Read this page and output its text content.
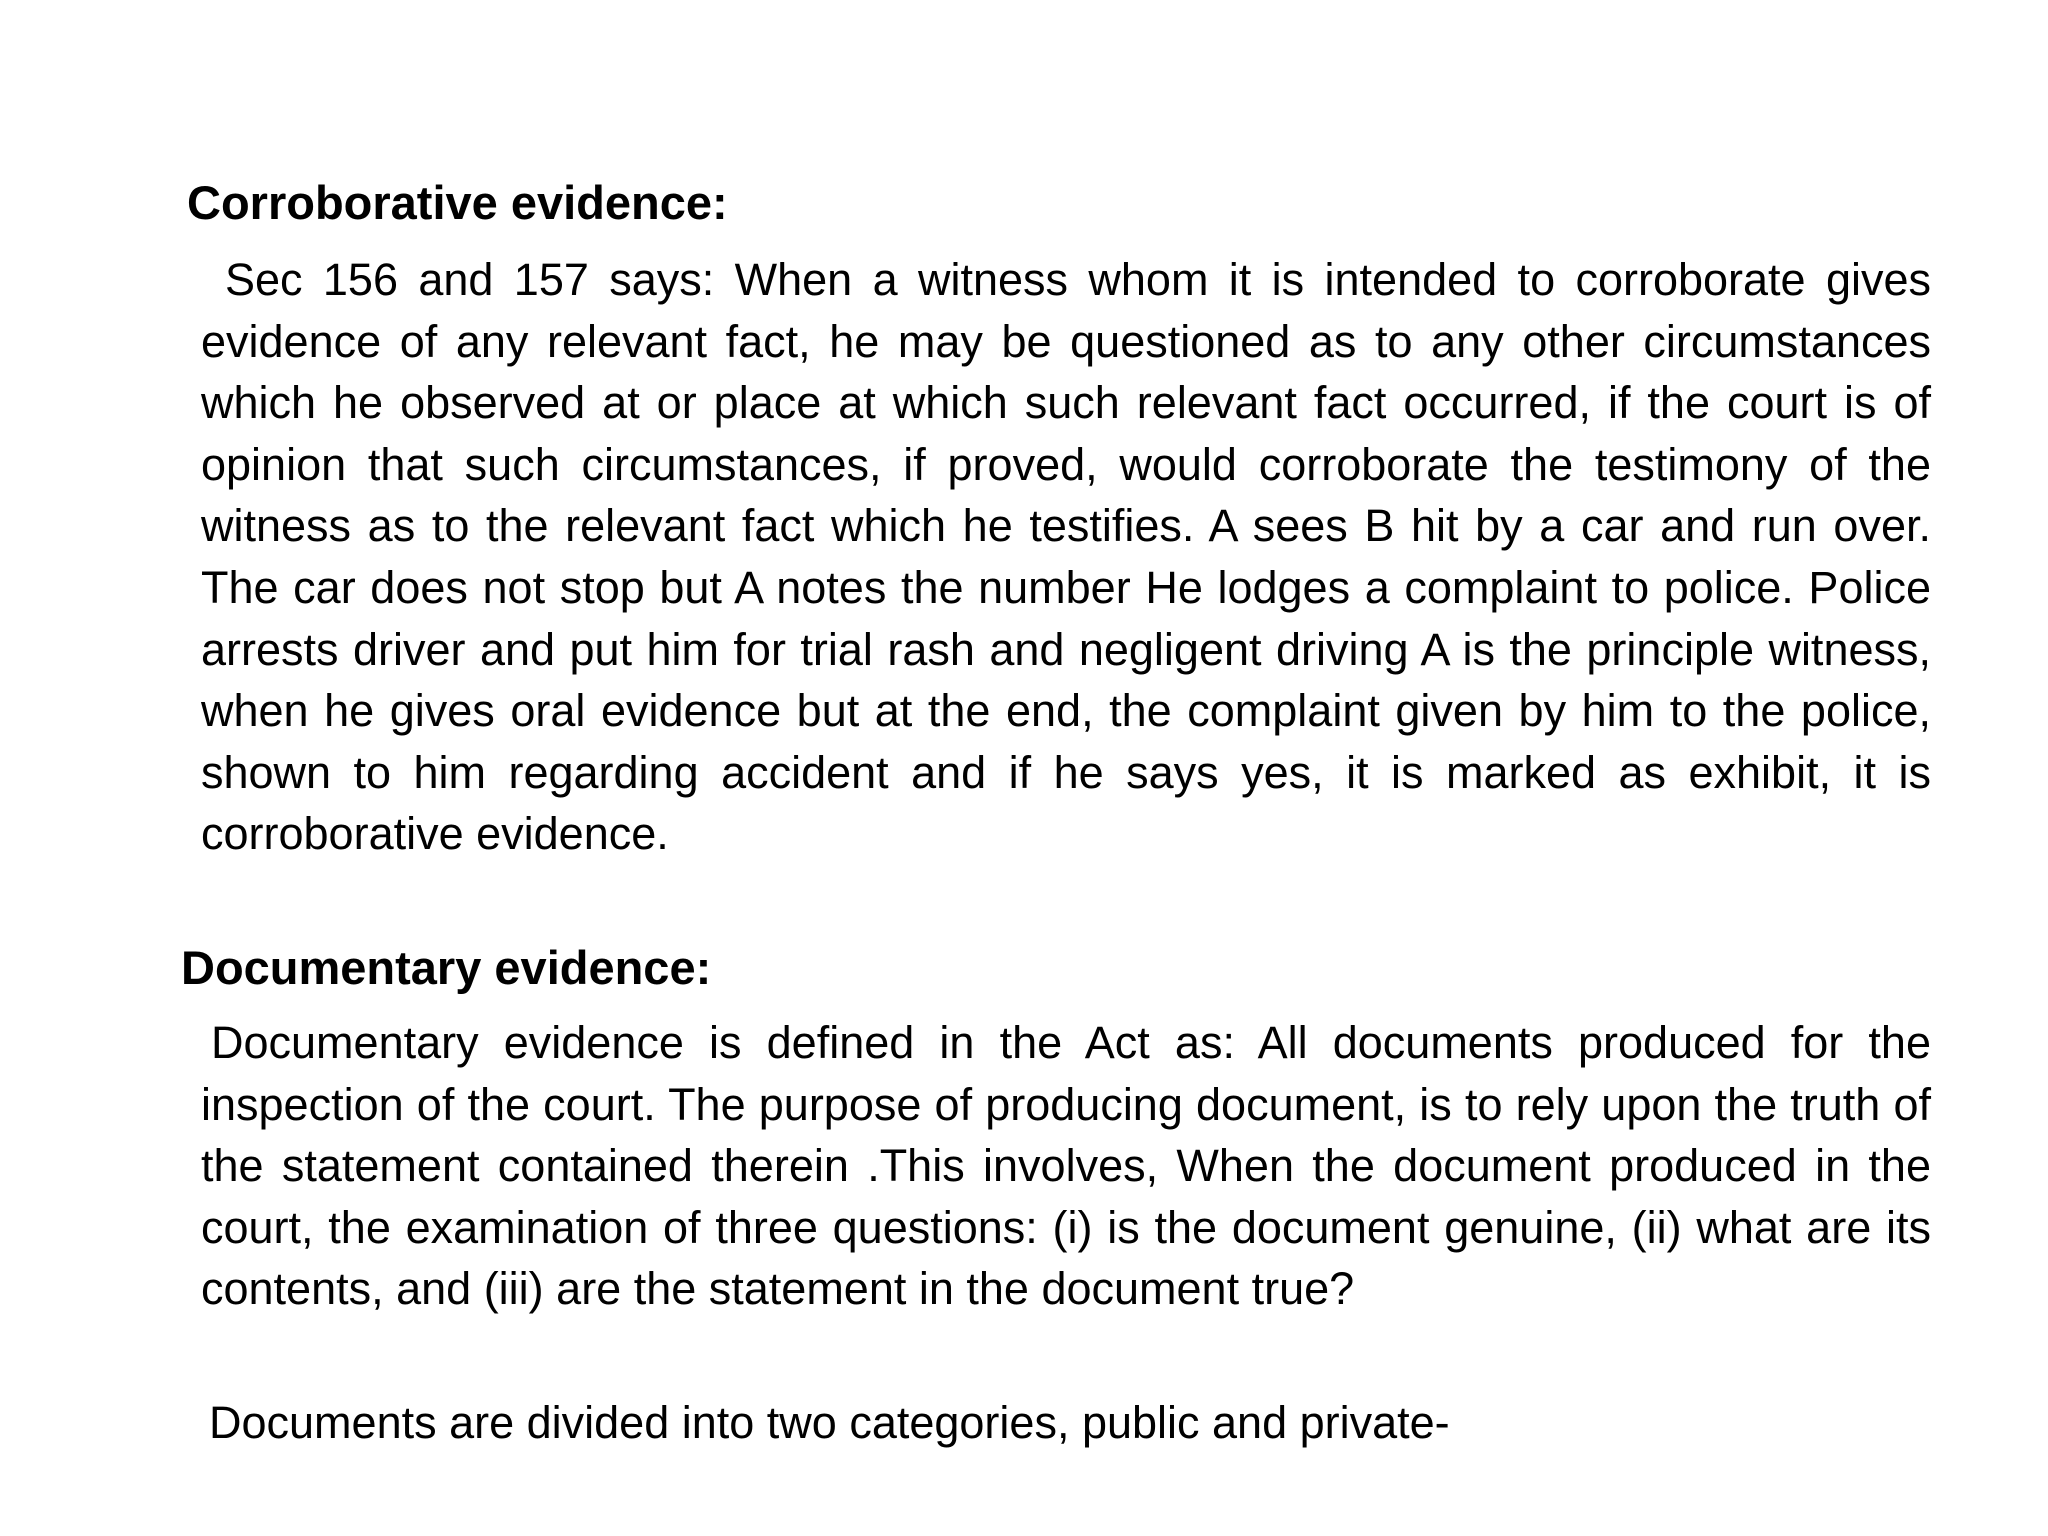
Corroborative evidence:

Sec 156 and 157 says: When a witness whom it is intended to corroborate gives evidence of any relevant fact, he may be questioned as to any other circumstances which he observed at or place at which such relevant fact occurred, if the court is of opinion that such circumstances, if proved, would corroborate the testimony of the witness as to the relevant fact which he testifies. A sees B hit by a car and run over. The car does not stop but A notes the number He lodges a complaint to police. Police arrests driver and put him for trial rash and negligent driving A is the principle witness, when he gives oral evidence but at the end, the complaint given by him to the police, shown to him regarding accident and if he says yes, it is marked as exhibit, it is corroborative evidence.

Documentary evidence:

Documentary evidence is defined in the Act as: All documents produced for the inspection of the court. The purpose of producing document, is to rely upon the truth of the statement contained therein .This involves, When the document produced in the court, the examination of three questions: (i) is the document genuine, (ii) what are its contents, and (iii) are the statement in the document true?

Documents are divided into two categories, public and private-
